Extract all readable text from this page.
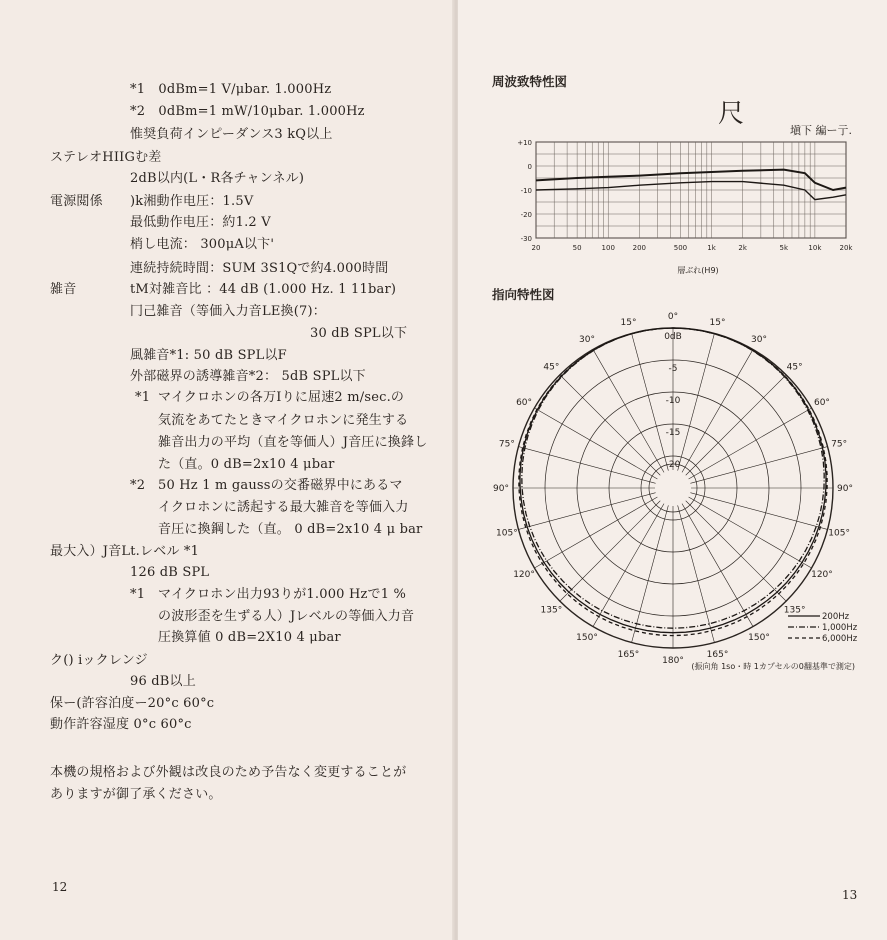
*1　0dBm=1 V/μbar. 1.000Hz
*2　0dBm=1 mW/10μbar. 1.000Hz
惟奨負荷インピーダンス3 kQ以上
ステレオHIIGむ差
2dB以内(L・R各チャンネル)
電源閲係 )k湘動作电圧：1.5V
最低動作电圧：約1.2 V
梢し电流： 300μA以卞'
連続持続時間：SUM 3S1Qで約4.000時間
雑音	tM対雑音比 ：44 dB (1.000 Hz. 1 11bar)
冂己雑音（等価入力音LE換(7)：
30 dB SPL以下
風雑音*1: 50 dB SPL以F
外部磁界の誘導雑音*2： 5dB SPL以下
*1 マイクロホンの各万Iりに屈速2 m/sec.の
気流をあてたときマイクロホンに発生する
雑音出力の平均（直を等価人）J音圧に換鋒し
た（直。0 dB=2x10 4 μbar
*2 50 Hz 1 m gaussの交番磁界中にあるマ
イクロホンに誘起する最大雑音を等価入力
音圧に換鋼した（直。 0 dB=2x10 4 μ bar
最大入）J音Lt.レベル *1
126 dB SPL
*1 マイクロホン出力93りが1.000 Hzで1 %
の波形歪を生ずる人）Jレベルの等価入力音
圧換算値 0 dB=2X10 4 μbar
ク() iックレンジ
96 dB以上
保ー(許容泊度ー20°c 60°c
動作許容湿度 0°c 60°c
本機の規格および外観は改良のため予告なく変更することが
ありますが御了承ください。
12
周波致特性図
尺
塡下 編ー亍.
20	50	100	200	500	1k	2k	5k	10k	20k
+10
0
-10
-20
-30
層ぶれ(H9)
指向特性図
0dB
-5
-10
-15
-20
0°
15°	15°
30°	30°
45°	45°
60°	60°
75°	75°
90°	90°
105°	105°
120°	120°
135°	135°
150°	150°
165°	165°
180°
200Hz
1,000Hz
6,000Hz
(振向角 1so・時 1カプセルの0翻基準で測定)
13
